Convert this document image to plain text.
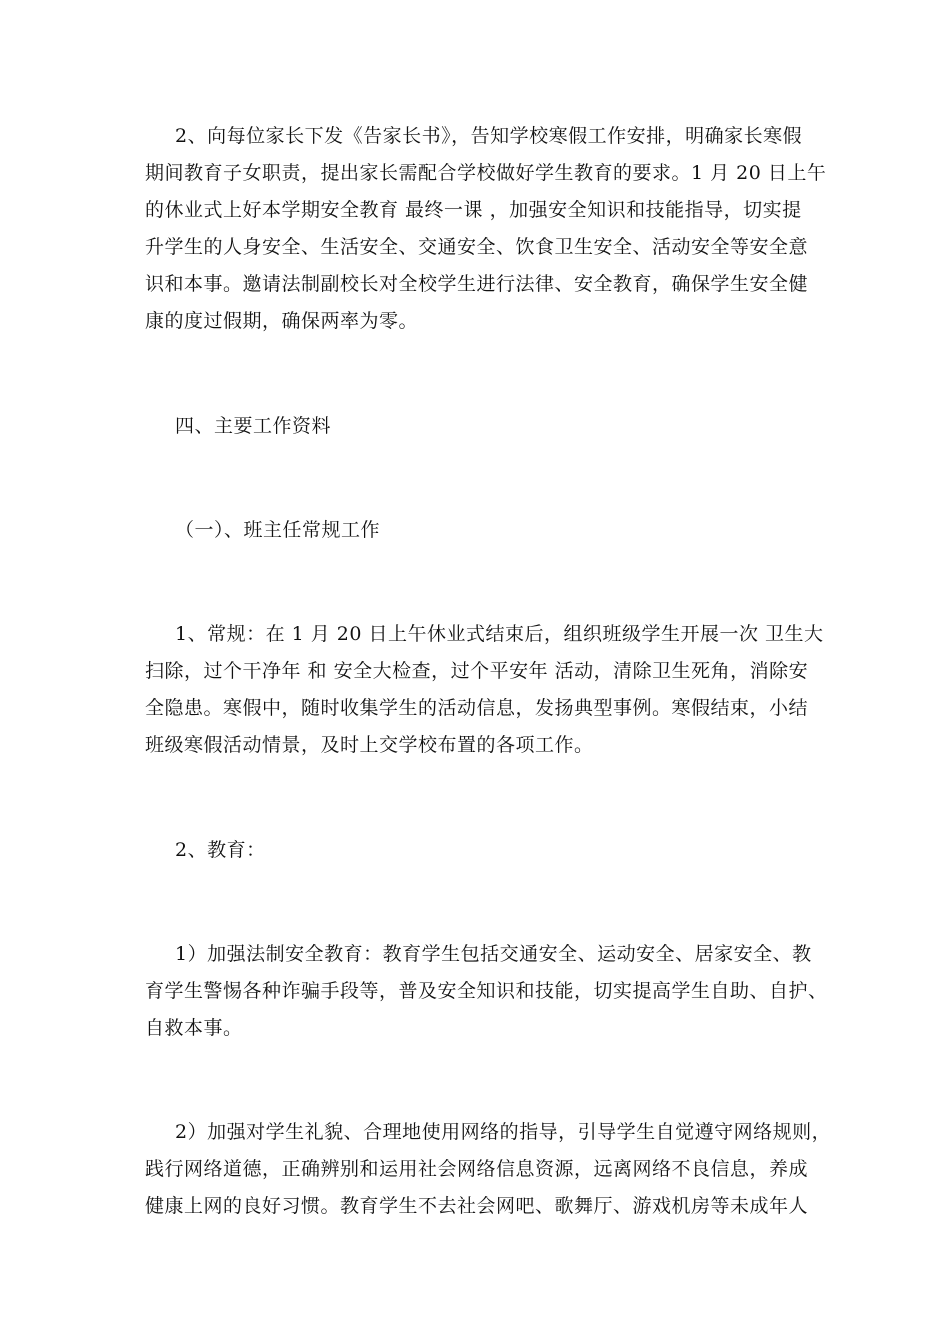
2、向每位家长下发《告家长书》，告知学校寒假工作安排，明确家长寒假
期间教育子女职责，提出家长需配合学校做好学生教育的要求。1 月 20 日上午
的休业式上好本学期安全教育 最终一课 ，加强安全知识和技能指导，切实提
升学生的人身安全、生活安全、交通安全、饮食卫生安全、活动安全等安全意
识和本事。邀请法制副校长对全校学生进行法律、安全教育，确保学生安全健
康的度过假期，确保两率为零。
四、主要工作资料
（一）、班主任常规工作
1、常规：在 1 月 20 日上午休业式结束后，组织班级学生开展一次 卫生大
扫除，过个干净年 和 安全大检查，过个平安年 活动，清除卫生死角，消除安
全隐患。寒假中，随时收集学生的活动信息，发扬典型事例。寒假结束，小结
班级寒假活动情景，及时上交学校布置的各项工作。
2、教育：
1）加强法制安全教育：教育学生包括交通安全、运动安全、居家安全、教
育学生警惕各种诈骗手段等，普及安全知识和技能，切实提高学生自助、自护、
自救本事。
2）加强对学生礼貌、合理地使用网络的指导，引导学生自觉遵守网络规则，
践行网络道德，正确辨别和运用社会网络信息资源，远离网络不良信息，养成
健康上网的良好习惯。教育学生不去社会网吧、歌舞厅、游戏机房等未成年人
